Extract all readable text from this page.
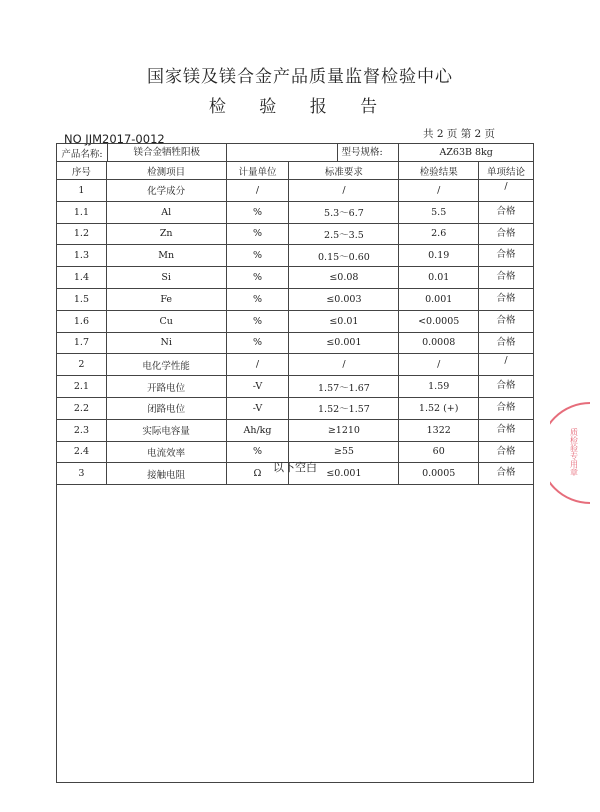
国家镁及镁合金产品质量监督检验中心
检 验 报 告
NO JJM2017-0012	共 2 页 第 2 页
产品名称: 镁合金牺牲阳极		型号规格:		AZ63B 8kg	
序号	检测项目	计量单位	标准要求	检验结果	单项结论
1	化学成分	/	/	/	/
1.1	Al	%	5.3～6.7	5.5	合格
1.2	Zn	%	2.5～3.5	2.6	合格
1.3	Mn	%	0.15～0.60	0.19	合格
1.4	Si	%	≤0.08	0.01	合格
1.5	Fe	%	≤0.003	0.001	合格
1.6	Cu	%	≤0.01	<0.0005	合格
1.7	Ni	%	≤0.001	0.0008	合格
2	电化学性能	/	/	/	/
2.1	开路电位	-V	1.57～1.67	1.59	合格
2.2	闭路电位	-V	1.52～1.57	1.52 (+)	合格
2.3	实际电容量	Ah/kg	≥1210	1322	合格
2.4	电流效率	%	≥55	60	合格
3	接触电阻	Ω	≤0.001	0.0005	合格
以下空白	质检验专用章
